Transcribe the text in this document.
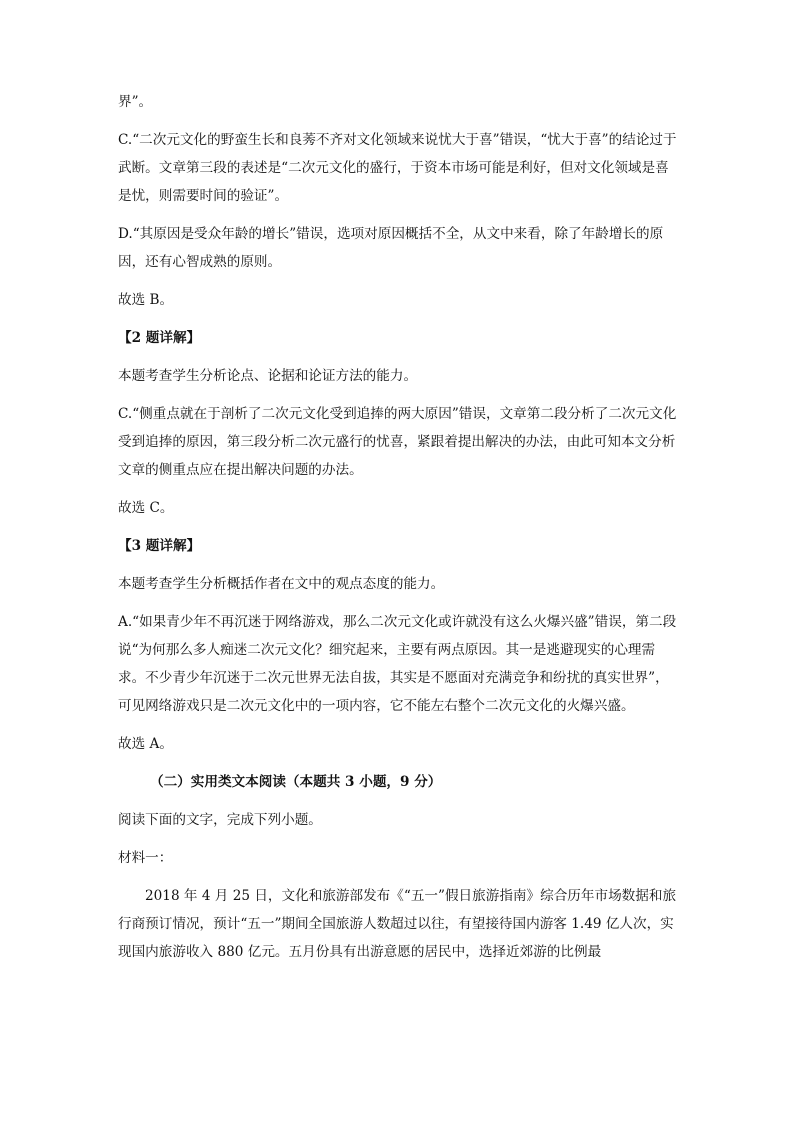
界”。

C.“二次元文化的野蛮生长和良莠不齐对文化领域来说忧大于喜”错误，“忧大于喜”的结论过于武断。文章第三段的表述是“二次元文化的盛行，于资本市场可能是利好，但对文化领域是喜是忧，则需要时间的验证”。

D.“其原因是受众年龄的增长”错误，选项对原因概括不全，从文中来看，除了年龄增长的原因，还有心智成熟的原则。

故选 B。

【2 题详解】

本题考查学生分析论点、论据和论证方法的能力。

C.“侧重点就在于剖析了二次元文化受到追捧的两大原因”错误，文章第二段分析了二次元文化受到追捧的原因，第三段分析二次元盛行的忧喜，紧跟着提出解决的办法，由此可知本文分析文章的侧重点应在提出解决问题的办法。

故选 C。

【3 题详解】

本题考查学生分析概括作者在文中的观点态度的能力。

A.“如果青少年不再沉迷于网络游戏，那么二次元文化或许就没有这么火爆兴盛”错误，第二段说“为何那么多人痴迷二次元文化？细究起来，主要有两点原因。其一是逃避现实的心理需求。不少青少年沉迷于二次元世界无法自拔，其实是不愿面对充满竞争和纷扰的真实世界”，可见网络游戏只是二次元文化中的一项内容，它不能左右整个二次元文化的火爆兴盛。

故选 A。

（二）实用类文本阅读（本题共 3 小题，9 分）

阅读下面的文字，完成下列小题。

材料一：

2018 年 4 月 25 日，文化和旅游部发布《“五一”假日旅游指南》综合历年市场数据和旅行商预订情况，预计“五一”期间全国旅游人数超过以往，有望接待国内游客 1.49 亿人次，实现国内旅游收入 880 亿元。五月份具有出游意愿的居民中，选择近郊游的比例最
